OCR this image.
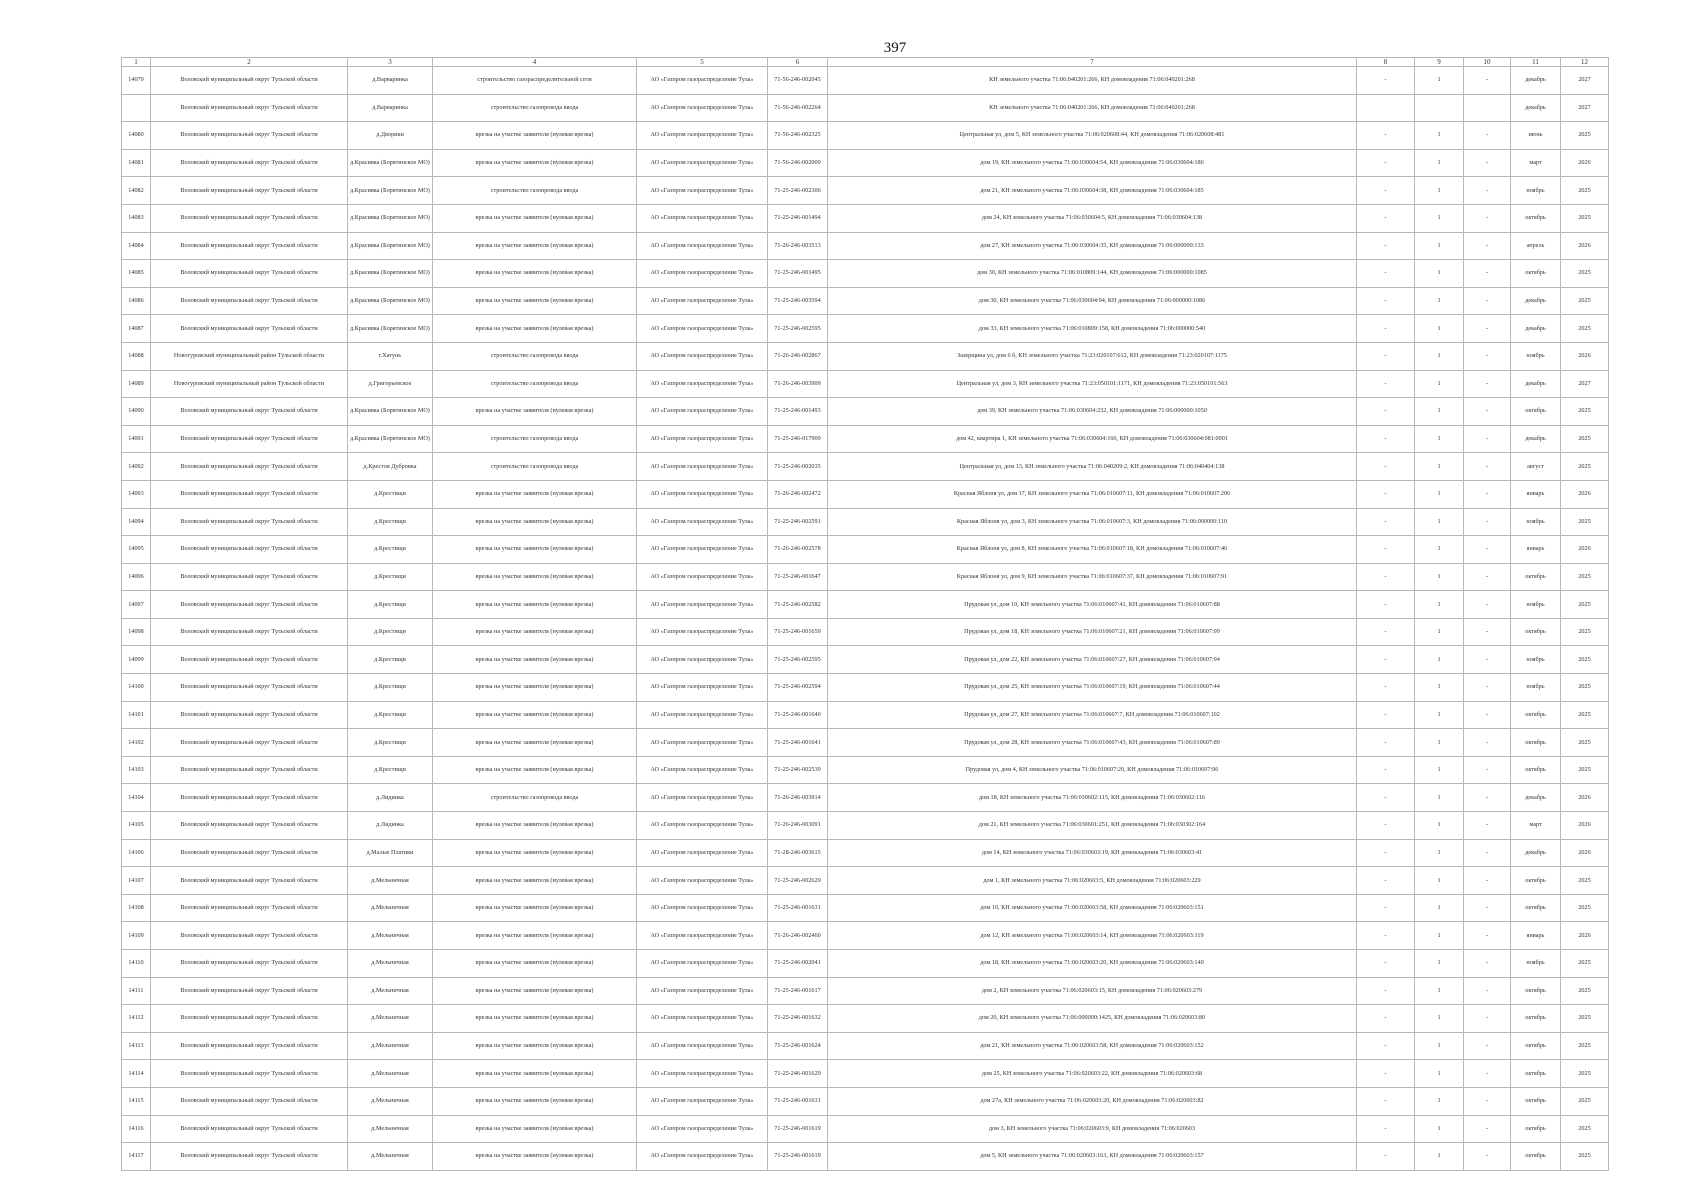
397
1	2	3	4	5	6	7	8	9	10	11	12
14079	Воловский муниципальный округ Тульской области	д.Варваринка	строительство газораспределительной сети	АО «Газпром газораспределение Тула»	71-56-246-002045	КН земельного участка 71:06:040201:266, КН домовладения 71:06:040201:268	-	1	-	декабрь	2027
	Воловский муниципальный округ Тульской области	д.Варваринка	строительство газопровода ввода	АО «Газпром газораспределение Тула»	71-56-246-002264	КН земельного участка 71:06:040201:266, КН домовладения 71:06:040201:268				декабрь	2027
14080	Воловский муниципальный округ Тульской области	д.Дворики	врезка на участке заявителя (нулевая врезка)	АО «Газпром газораспределение Тула»	71-56-246-002325	Центральная ул, дом 5, КН земельного участка 71:06:020608:44, КН домовладения 71:06:020608:481	-	1	-	июнь	2025
14081	Воловский муниципальный округ Тульской области	д.Красивка (Борятинское МО)	врезка на участке заявителя (нулевая врезка)	АО «Газпром газораспределение Тула»	71-56-246-002009	дом 19, КН земельного участка 71:06:030604:54, КН домовладения 71:06:030604:186	-	1	-	март	2026
14082	Воловский муниципальный округ Тульской области	д.Красивка (Борятинское МО)	строительство газопровода ввода	АО «Газпром газораспределение Тула»	71-25-246-002306	дом 21, КН земельного участка 71:06:030604:38, КН домовладения 71:06:030604:185	-	1	-	ноябрь	2025
14083	Воловский муниципальный округ Тульской области	д.Красивка (Борятинское МО)	врезка на участке заявителя (нулевая врезка)	АО «Газпром газораспределение Тула»	71-25-246-001494	дом 24, КН земельного участка 71:06:030604:5, КН домовладения 71:06:030604:138	-	1	-	октябрь	2025
14084	Воловский муниципальный округ Тульской области	д.Красивка (Борятинское МО)	врезка на участке заявителя (нулевая врезка)	АО «Газпром газораспределение Тула»	71-26-246-003513	дом 27, КН земельного участка 71:06:030604:35, КН домовладения 71:06:000000:133	-	1	-	апрель	2026
14085	Воловский муниципальный округ Тульской области	д.Красивка (Борятинское МО)	врезка на участке заявителя (нулевая врезка)	АО «Газпром газораспределение Тула»	71-25-246-001495	дом 30, КН земельного участка 71:06:010809:144, КН домовладения 71:06:000000:1085	-	1	-	октябрь	2025
14086	Воловский муниципальный округ Тульской области	д.Красивка (Борятинское МО)	врезка на участке заявителя (нулевая врезка)	АО «Газпром газораспределение Тула»	71-25-246-003594	дом 30, КН земельного участка 71:06:030604:94, КН домовладения 71:06:000000:1086	-	1	-	декабрь	2025
14087	Воловский муниципальный округ Тульской области	д.Красивка (Борятинское МО)	врезка на участке заявителя (нулевая врезка)	АО «Газпром газораспределение Тула»	71-25-246-002595	дом 33, КН земельного участка 71:06:010809:158, КН домовладения 71:06:000000:540	-	1	-	декабрь	2025
14088	Новогуровский муниципальный район Тульской области	г.Хатунь	строительство газопровода ввода	АО «Газпром газораспределение Тула»	71-26-246-002867	Зазерщина ул, дом 6 б, КН земельного участка 71:23:020107:612, КН домовладения 71:23:020107:1175	-	1	-	ноябрь	2026
14089	Новогуровский муниципальный район Тульской области	д.Григорьевское	строительство газопровода ввода	АО «Газпром газораспределение Тула»	71-26-246-003909	Центральная ул, дом 3, КН земельного участка 71:23:050101:1171, КН домовладения 71:23:050101:563	-	1	-	декабрь	2027
14090	Воловский муниципальный округ Тульской области	д.Красивка (Борятинское МО)	врезка на участке заявителя (нулевая врезка)	АО «Газпром газораспределение Тула»	71-25-246-001493	дом 39, КН земельного участка 71:06:030604:232, КН домовладения 71:06:000000:1050	-	1	-	октябрь	2025
14091	Воловский муниципальный округ Тульской области	д.Красивка (Борятинское МО)	строительство газопровода ввода	АО «Газпром газораспределение Тула»	71-25-246-017909	дом 42, квартира 1, КН земельного участка 71:06:030604:160, КН домовладения 71:06:030604:081:0001	-	1	-	декабрь	2025
14092	Воловский муниципальный округ Тульской области	д.Крестов Дубровка	строительство газопровода ввода	АО «Газпром газораспределение Тула»	71-25-246-002035	Центральная ул, дом 13, КН земельного участка 71:06:040209:2, КН домовладения 71:06:040404:138	-	1	-	август	2025
14093	Воловский муниципальный округ Тульской области	д.Крестищи	врезка на участке заявителя (нулевая врезка)	АО «Газпром газораспределение Тула»	71-26-246-002472	Красная Яблоня ул, дом 17, КН земельного участка 71:06:010607:11, КН домовладения 71:06:010607:206	-	1	-	январь	2026
14094	Воловский муниципальный округ Тульской области	д.Крестищи	врезка на участке заявителя (нулевая врезка)	АО «Газпром газораспределение Тула»	71-25-246-002591	Красная Яблоня ул, дом 3, КН земельного участка 71:06:010607:3, КН домовладения 71:06:000000:110	-	1	-	ноябрь	2025
14095	Воловский муниципальный округ Тульской области	д.Крестищи	врезка на участке заявителя (нулевая врезка)	АО «Газпром газораспределение Тула»	71-26-246-002578	Красная Яблоня ул, дом 8, КН земельного участка 71:06:010607:18, КН домовладения 71:06:010607:46	-	1	-	январь	2026
14096	Воловский муниципальный округ Тульской области	д.Крестищи	врезка на участке заявителя (нулевая врезка)	АО «Газпром газораспределение Тула»	71-25-246-001647	Красная Яблоня ул, дом 9, КН земельного участка 71:06:010607:37, КН домовладения 71:06:010607:91	-	1	-	октябрь	2025
14097	Воловский муниципальный округ Тульской области	д.Крестищи	врезка на участке заявителя (нулевая врезка)	АО «Газпром газораспределение Тула»	71-25-246-002582	Прудовая ул, дом 10, КН земельного участка 71:06:010607:41, КН домовладения 71:06:010607:88	-	1	-	ноябрь	2025
14098	Воловский муниципальный округ Тульской области	д.Крестищи	врезка на участке заявителя (нулевая врезка)	АО «Газпром газораспределение Тула»	71-25-246-001659	Прудовая ул, дом 18, КН земельного участка 71:06:010607:21, КН домовладения 71:06:010607:99	-	1	-	октябрь	2025
14099	Воловский муниципальный округ Тульской области	д.Крестищи	врезка на участке заявителя (нулевая врезка)	АО «Газпром газораспределение Тула»	71-25-246-002595	Прудовая ул, дом 22, КН земельного участка 71:06:010607:27, КН домовладения 71:06:010607:94	-	1	-	ноябрь	2025
14100	Воловский муниципальный округ Тульской области	д.Крестищи	врезка на участке заявителя (нулевая врезка)	АО «Газпром газораспределение Тула»	71-25-246-002594	Прудовая ул, дом 25, КН земельного участка 71:06:010607:19, КН домовладения 71:06:010607:44	-	1	-	ноябрь	2025
14101	Воловский муниципальный округ Тульской области	д.Крестищи	врезка на участке заявителя (нулевая врезка)	АО «Газпром газораспределение Тула»	71-25-246-001640	Прудовая ул, дом 27, КН земельного участка 71:06:010607:7, КН домовладения 71:06:010607:102	-	1	-	октябрь	2025
14102	Воловский муниципальный округ Тульской области	д.Крестищи	врезка на участке заявителя (нулевая врезка)	АО «Газпром газораспределение Тула»	71-25-246-001641	Прудовая ул, дом 28, КН земельного участка 71:06:010607:43, КН домовладения 71:06:010607:89	-	1	-	октябрь	2025
14103	Воловский муниципальный округ Тульской области	д.Крестищи	врезка на участке заявителя (нулевая врезка)	АО «Газпром газораспределение Тула»	71-25-246-002539	Прудовая ул, дом 4, КН земельного участка 71:06:010607:20, КН домовладения 71:06:010607:96	-	1	-	октябрь	2025
14104	Воловский муниципальный округ Тульской области	д.Лидинка	строительство газопровода ввода	АО «Газпром газораспределение Тула»	71-26-246-003914	дом 18, КН земельного участка 71:06:030602:115, КН домовладения 71:06:030602:116	-	1	-	декабрь	2026
14105	Воловский муниципальный округ Тульской области	д.Лидинка	врезка на участке заявителя (нулевая врезка)	АО «Газпром газораспределение Тула»	71-26-246-003091	дом 21, КН земельного участка 71:06:030601:251, КН домовладения 71:06:030302:164	-	1	-	март	2026
14106	Воловский муниципальный округ Тульской области	д.Малые Платики	врезка на участке заявителя (нулевая врезка)	АО «Газпром газораспределение Тула»	71-28-246-003615	дом 14, КН земельного участка 71:06:030603:19, КН домовладения 71:06:030603:41	-	1	-	декабрь	2026
14107	Воловский муниципальный округ Тульской области	д.Мельничная	врезка на участке заявителя (нулевая врезка)	АО «Газпром газораспределение Тула»	71-25-246-002629	дом 1, КН земельного участка 71:06:020603:5, КН домовладения 71:06:020603:229	-	1	-	октябрь	2025
14108	Воловский муниципальный округ Тульской области	д.Мельничная	врезка на участке заявителя (нулевая врезка)	АО «Газпром газораспределение Тула»	71-25-246-001631	дом 10, КН земельного участка 71:06:020603:58, КН домовладения 71:06:020603:151	-	1	-	октябрь	2025
14109	Воловский муниципальный округ Тульской области	д.Мельничная	врезка на участке заявителя (нулевая врезка)	АО «Газпром газораспределение Тула»	71-26-246-002460	дом 12, КН земельного участка 71:06:020603:14, КН домовладения 71:06:020603:119	-	1	-	январь	2026
14110	Воловский муниципальный округ Тульской области	д.Мельничная	врезка на участке заявителя (нулевая врезка)	АО «Газпром газораспределение Тула»	71-25-246-002041	дом 18, КН земельного участка 71:06:020603:20, КН домовладения 71:06:020603:140	-	1	-	ноябрь	2025
14111	Воловский муниципальный округ Тульской области	д.Мельничная	врезка на участке заявителя (нулевая врезка)	АО «Газпром газораспределение Тула»	71-25-246-001617	дом 2, КН земельного участка 71:06:020603:15, КН домовладения 71:06:020603:279	-	1	-	октябрь	2025
14112	Воловский муниципальный округ Тульской области	д.Мельничная	врезка на участке заявителя (нулевая врезка)	АО «Газпром газораспределение Тула»	71-25-246-001632	дом 20, КН земельного участка 71:06:000000:1425, КН домовладения 71:06:020603:80	-	1	-	октябрь	2025
14113	Воловский муниципальный округ Тульской области	д.Мельничная	врезка на участке заявителя (нулевая врезка)	АО «Газпром газораспределение Тула»	71-25-246-001624	дом 21, КН земельного участка 71:06:020603:58, КН домовладения 71:06:020603:152	-	1	-	октябрь	2025
14114	Воловский муниципальный округ Тульской области	д.Мельничная	врезка на участке заявителя (нулевая врезка)	АО «Газпром газораспределение Тула»	71-25-246-001629	дом 25, КН земельного участка 71:06:020603:22, КН домовладения 71:06:020603:68	-	1	-	октябрь	2025
14115	Воловский муниципальный округ Тульской области	д.Мельничная	врезка на участке заявителя (нулевая врезка)	АО «Газпром газораспределение Тула»	71-25-246-001631	дом 27а, КН земельного участка 71:06:020603:20, КН домовладения 71:06:020603:82	-	1	-	октябрь	2025
14116	Воловский муниципальный округ Тульской области	д.Мельничная	врезка на участке заявителя (нулевая врезка)	АО «Газпром газораспределение Тула»	71-25-246-001619	дом 3, КН земельного участка 71:06:020603:9, КН домовладения 71:06:020603	-	1	-	октябрь	2025
14117	Воловский муниципальный округ Тульской области	д.Мельничная	врезка на участке заявителя (нулевая врезка)	АО «Газпром газораспределение Тула»	71-25-246-001619	дом 5, КН земельного участка 71:06:020603:163, КН домовладения 71:06:020603:157	-	1	-	октябрь	2025
